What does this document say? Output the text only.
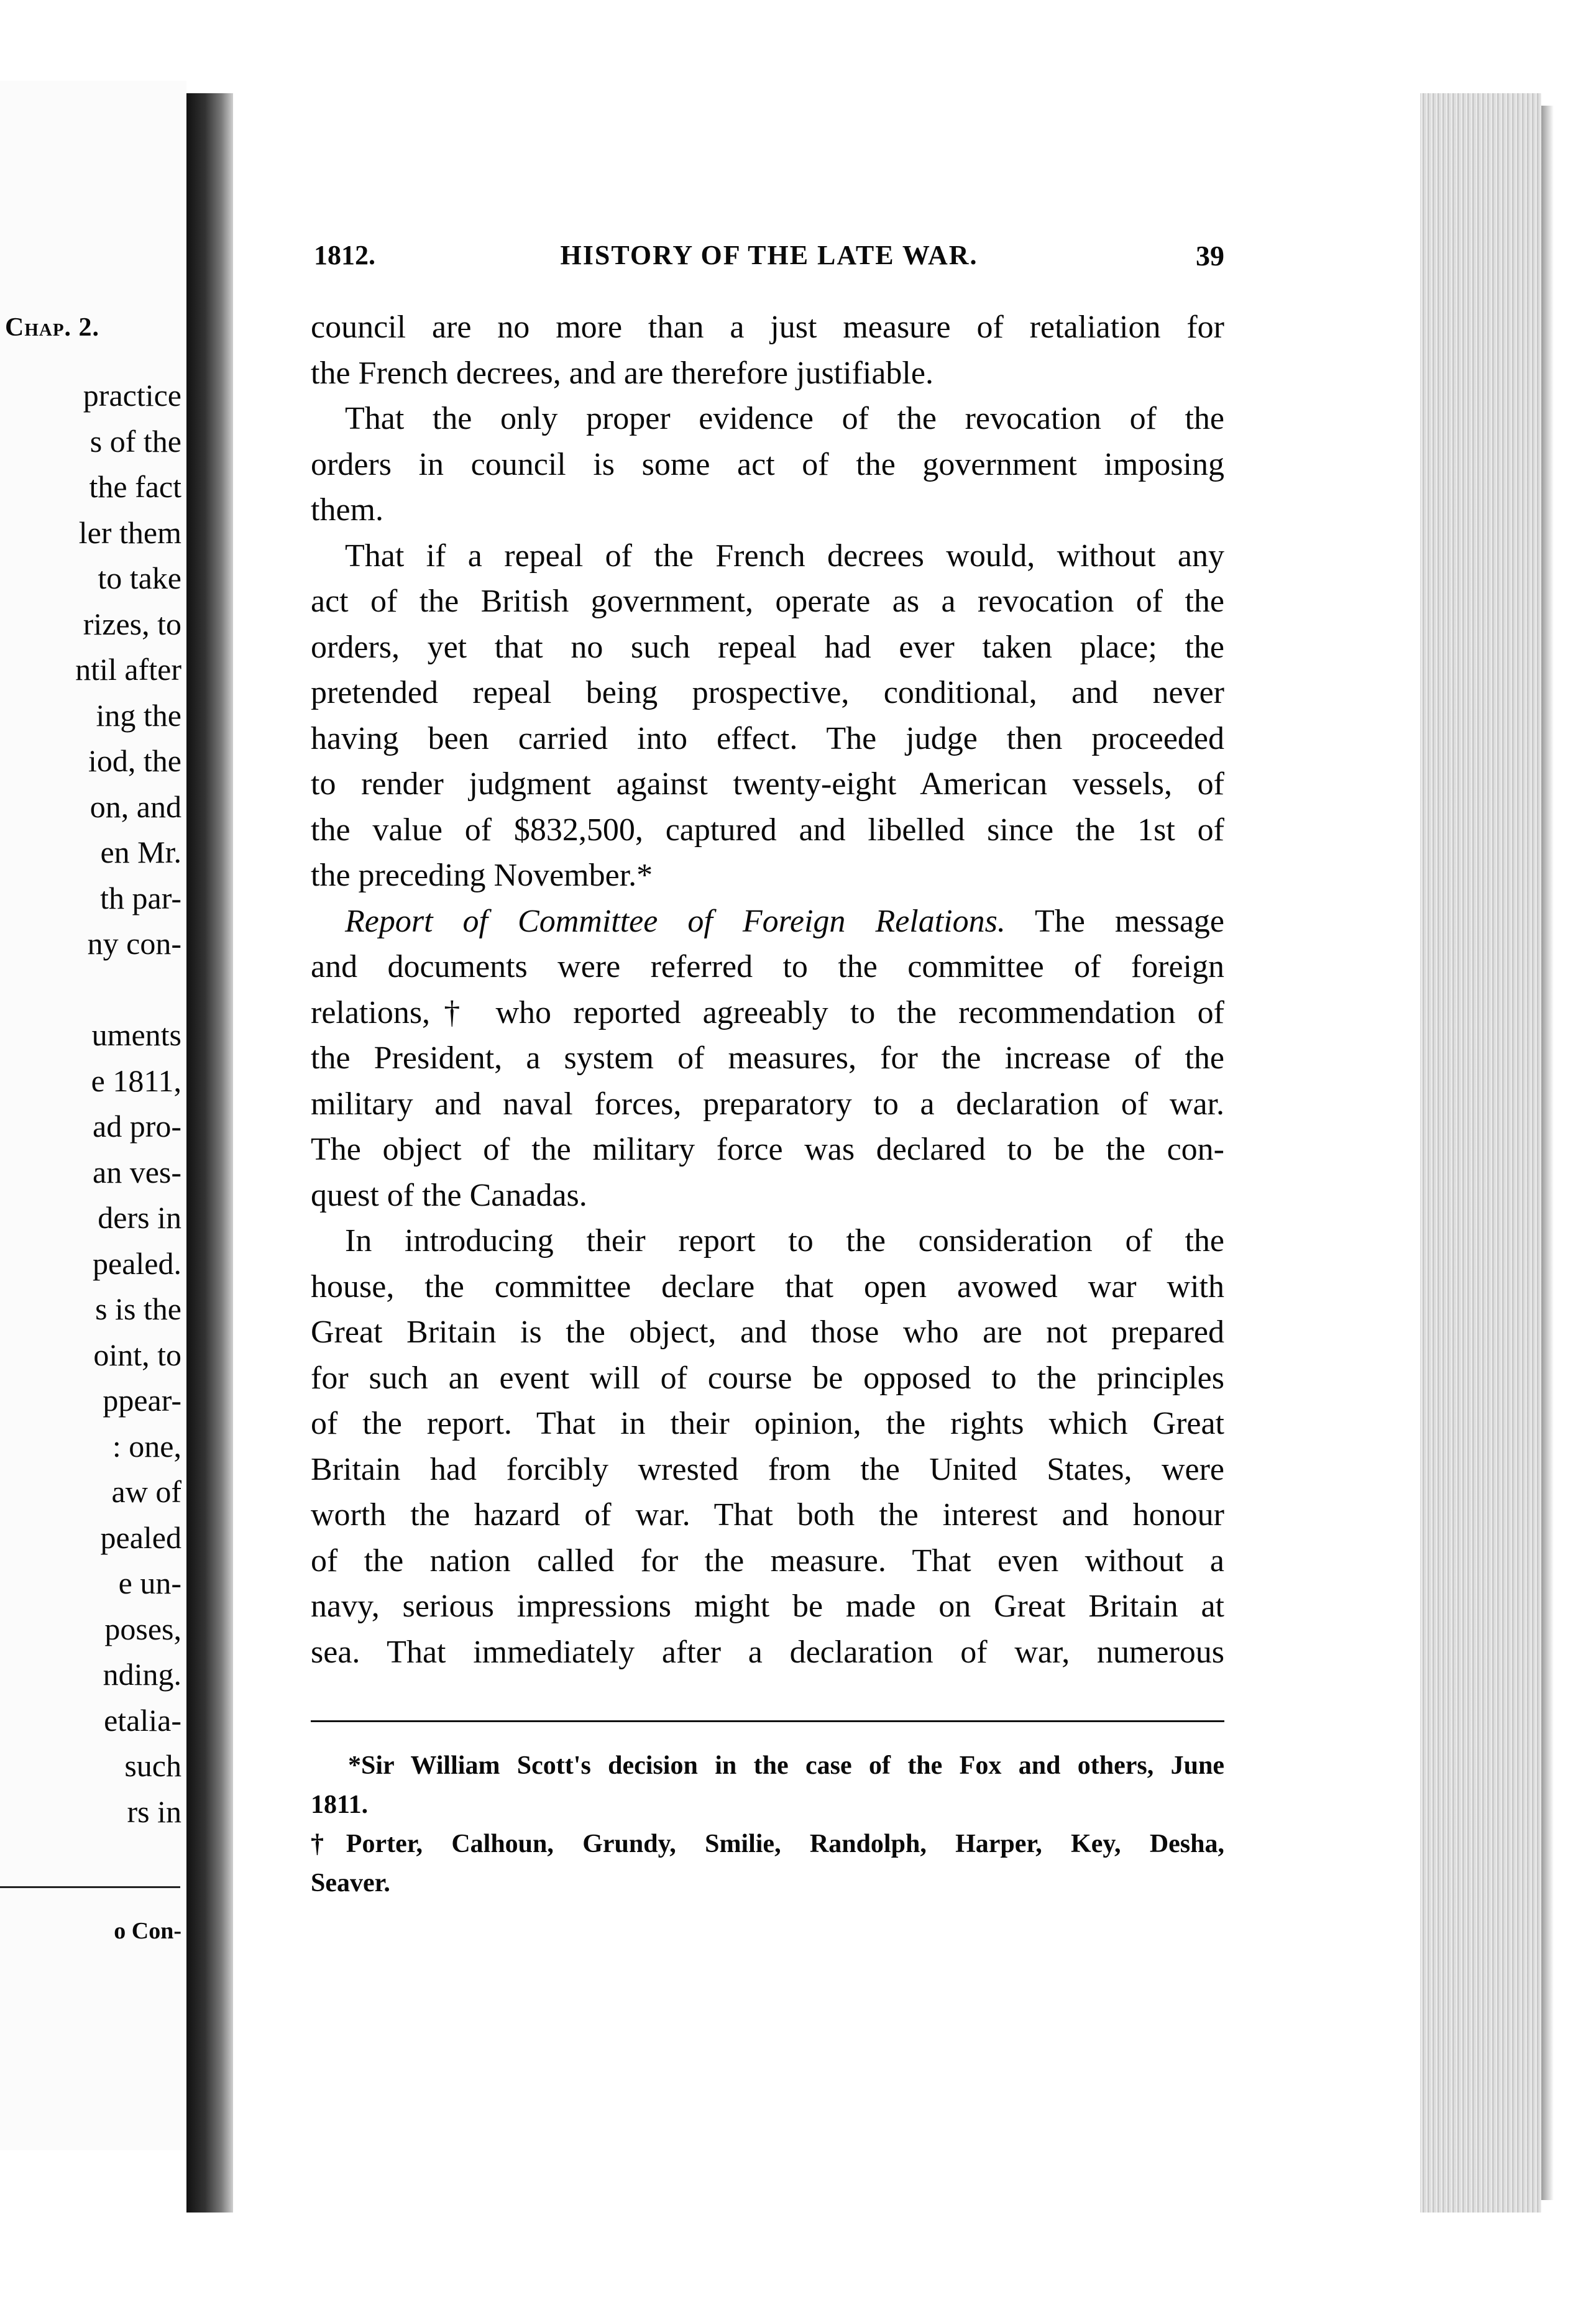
Chap. 2.
practice
s of the
the fact
ler them
to take
rizes, to
ntil after
ing the
iod, the
on, and
en Mr.
th par-
ny con-
uments
e 1811,
ad pro-
an ves-
ders in
pealed.
s is the
oint, to
ppear-
: one,
aw of
pealed
e un-
poses,
nding.
etalia-
such
rs in
o Con-
1812.	HISTORY OF THE LATE WAR.	39
council are no more than a just measure of retaliation for
the French decrees, and are therefore justifiable.
That the only proper evidence of the revocation of the
orders in council is some act of the government imposing
them.
That if a repeal of the French decrees would, without any
act of the British government, operate as a revocation of the
orders, yet that no such repeal had ever taken place; the
pretended repeal being prospective, conditional, and never
having been carried into effect. The judge then proceeded
to render judgment against twenty-eight American vessels, of
the value of $832,500, captured and libelled since the 1st of
the preceding November.*
Report of Committee of Foreign Relations. The message
and documents were referred to the committee of foreign
relations,† who reported agreeably to the recommendation of
the President, a system of measures, for the increase of the
military and naval forces, preparatory to a declaration of war.
The object of the military force was declared to be the con-
quest of the Canadas.
In introducing their report to the consideration of the
house, the committee declare that open avowed war with
Great Britain is the object, and those who are not prepared
for such an event will of course be opposed to the principles
of the report. That in their opinion, the rights which Great
Britain had forcibly wrested from the United States, were
worth the hazard of war. That both the interest and honour
of the nation called for the measure. That even without a
navy, serious impressions might be made on Great Britain at
sea. That immediately after a declaration of war, numerous
*Sir William Scott's decision in the case of the Fox and others, June
1811.
†Porter, Calhoun, Grundy, Smilie, Randolph, Harper, Key, Desha,
Seaver.
